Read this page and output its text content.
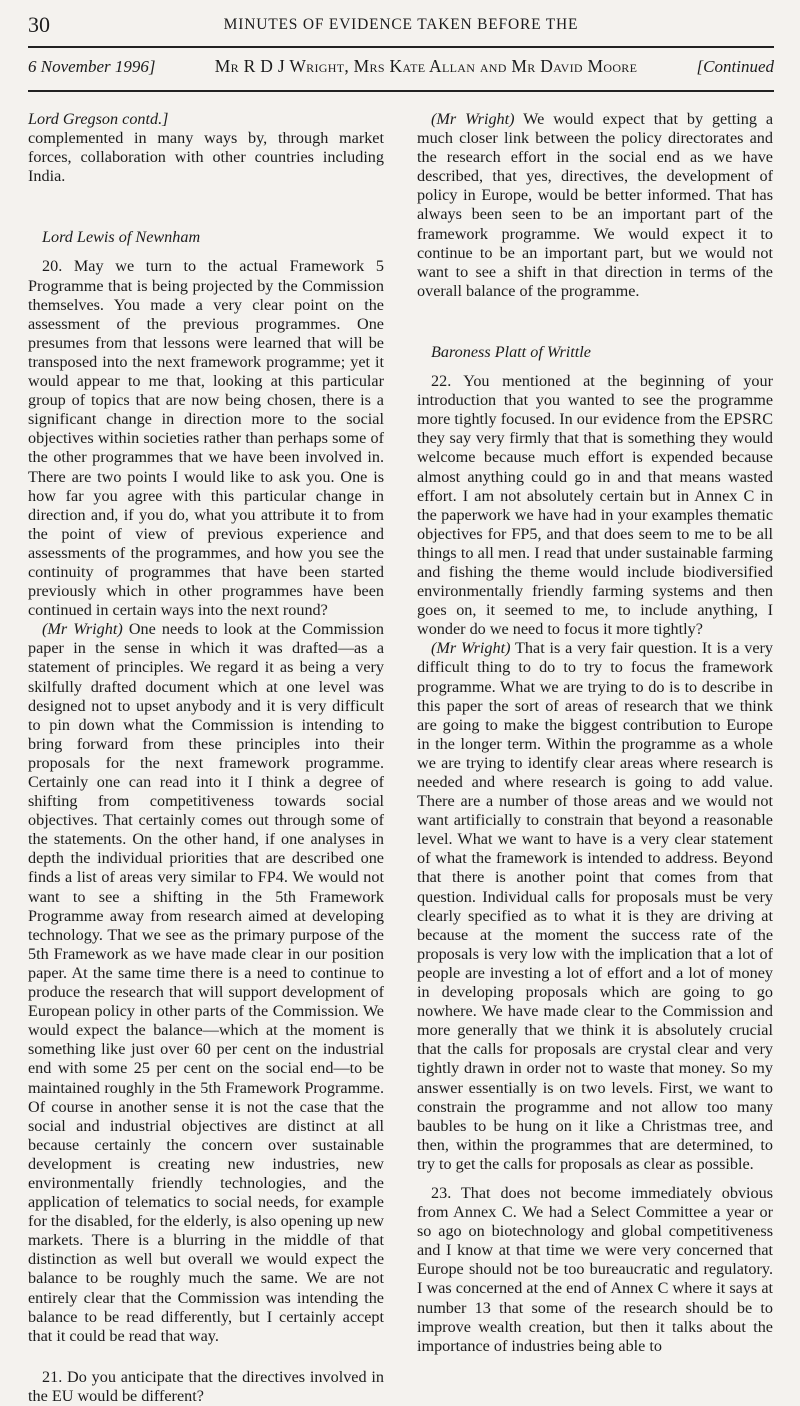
30	MINUTES OF EVIDENCE TAKEN BEFORE THE
6 November 1996]	Mr R D J Wright, Mrs Kate Allan and Mr David Moore	[Continued

Lord Gregson contd.]

complemented in many ways by, through market forces, collaboration with other countries including India.

Lord Lewis of Newnham

20. May we turn to the actual Framework 5 Programme that is being projected by the Commission themselves. You made a very clear point on the assessment of the previous programmes. One presumes from that lessons were learned that will be transposed into the next framework programme; yet it would appear to me that, looking at this particular group of topics that are now being chosen, there is a significant change in direction more to the social objectives within societies rather than perhaps some of the other programmes that we have been involved in. There are two points I would like to ask you. One is how far you agree with this particular change in direction and, if you do, what you attribute it to from the point of view of previous experience and assessments of the programmes, and how you see the continuity of programmes that have been started previously which in other programmes have been continued in certain ways into the next round?

(Mr Wright) One needs to look at the Commission paper in the sense in which it was drafted—as a statement of principles. We regard it as being a very skilfully drafted document which at one level was designed not to upset anybody and it is very difficult to pin down what the Commission is intending to bring forward from these principles into their proposals for the next framework programme. Certainly one can read into it I think a degree of shifting from competitiveness towards social objectives. That certainly comes out through some of the statements. On the other hand, if one analyses in depth the individual priorities that are described one finds a list of areas very similar to FP4. We would not want to see a shifting in the 5th Framework Programme away from research aimed at developing technology. That we see as the primary purpose of the 5th Framework as we have made clear in our position paper. At the same time there is a need to continue to produce the research that will support development of European policy in other parts of the Commission. We would expect the balance—which at the moment is something like just over 60 per cent on the industrial end with some 25 per cent on the social end—to be maintained roughly in the 5th Framework Programme. Of course in another sense it is not the case that the social and industrial objectives are distinct at all because certainly the concern over sustainable development is creating new industries, new environmentally friendly technologies, and the application of telematics to social needs, for example for the disabled, for the elderly, is also opening up new markets. There is a blurring in the middle of that distinction as well but overall we would expect the balance to be roughly much the same. We are not entirely clear that the Commission was intending the balance to be read differently, but I certainly accept that it could be read that way.

21. Do you anticipate that the directives involved in the EU would be different?

(Mr Wright) We would expect that by getting a much closer link between the policy directorates and the research effort in the social end as we have described, that yes, directives, the development of policy in Europe, would be better informed. That has always been seen to be an important part of the framework programme. We would expect it to continue to be an important part, but we would not want to see a shift in that direction in terms of the overall balance of the programme.

Baroness Platt of Writtle

22. You mentioned at the beginning of your introduction that you wanted to see the programme more tightly focused. In our evidence from the EPSRC they say very firmly that that is something they would welcome because much effort is expended because almost anything could go in and that means wasted effort. I am not absolutely certain but in Annex C in the paperwork we have had in your examples thematic objectives for FP5, and that does seem to me to be all things to all men. I read that under sustainable farming and fishing the theme would include biodiversified environmentally friendly farming systems and then goes on, it seemed to me, to include anything, I wonder do we need to focus it more tightly?

(Mr Wright) That is a very fair question. It is a very difficult thing to do to try to focus the framework programme. What we are trying to do is to describe in this paper the sort of areas of research that we think are going to make the biggest contribution to Europe in the longer term. Within the programme as a whole we are trying to identify clear areas where research is needed and where research is going to add value. There are a number of those areas and we would not want artificially to constrain that beyond a reasonable level. What we want to have is a very clear statement of what the framework is intended to address. Beyond that there is another point that comes from that question. Individual calls for proposals must be very clearly specified as to what it is they are driving at because at the moment the success rate of the proposals is very low with the implication that a lot of people are investing a lot of effort and a lot of money in developing proposals which are going to go nowhere. We have made clear to the Commission and more generally that we think it is absolutely crucial that the calls for proposals are crystal clear and very tightly drawn in order not to waste that money. So my answer essentially is on two levels. First, we want to constrain the programme and not allow too many baubles to be hung on it like a Christmas tree, and then, within the programmes that are determined, to try to get the calls for proposals as clear as possible.

23. That does not become immediately obvious from Annex C. We had a Select Committee a year or so ago on biotechnology and global competitiveness and I know at that time we were very concerned that Europe should not be too bureaucratic and regulatory. I was concerned at the end of Annex C where it says at number 13 that some of the research should be to improve wealth creation, but then it talks about the importance of industries being able to
